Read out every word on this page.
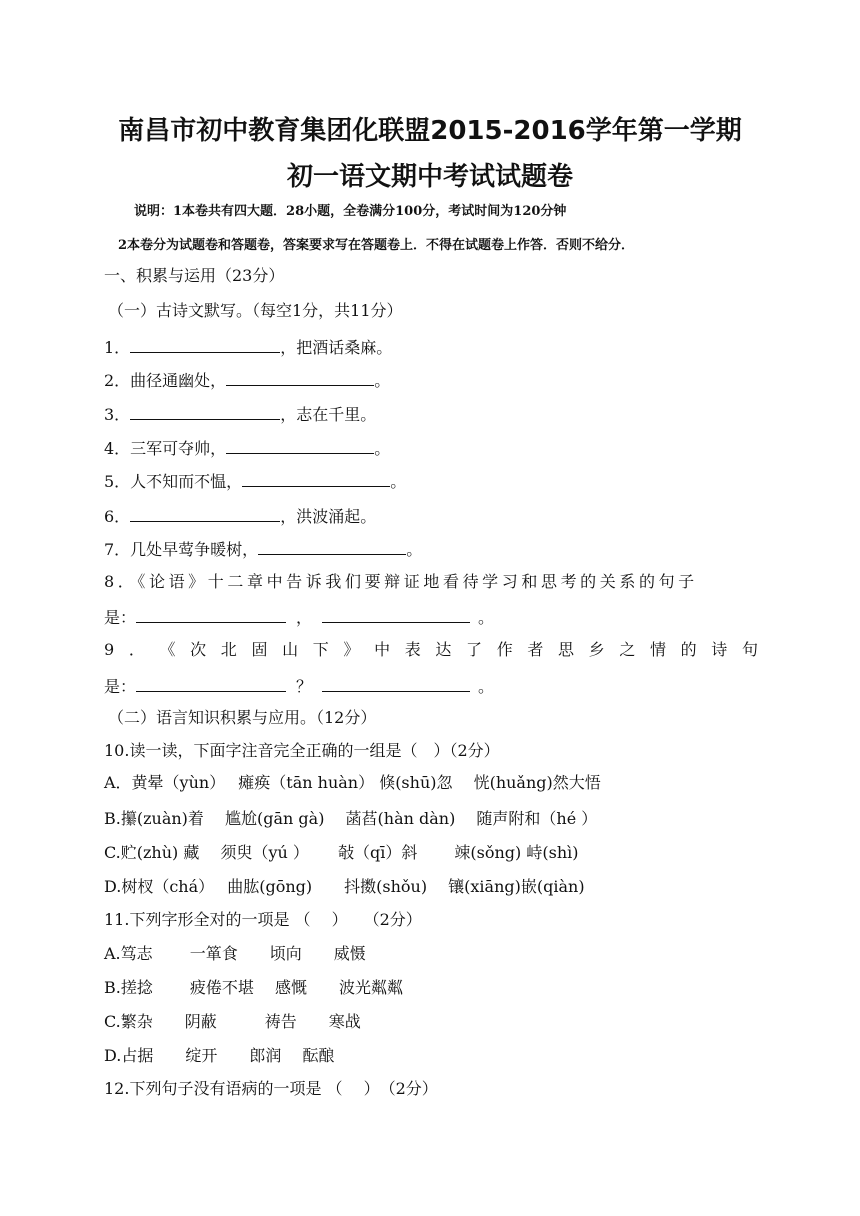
南昌市初中教育集团化联盟2015-2016学年第一学期
初一语文期中考试试题卷
说明：1本卷共有四大题．28小题，全卷满分100分，考试时间为120分钟
2本卷分为试题卷和答题卷，答案要求写在答题卷上．不得在试题卷上作答．否则不给分．
一、积累与运用（23分）
（一）古诗文默写。（每空1分，共11分）
1．	，把酒话桑麻。
2．曲径通幽处，	。
3．	，志在千里。
4．三军可夺帅，	。
5．人不知而不愠，	。
6．	，洪波涌起。
7．几处早莺争暖树，	。
8．《论语》十二章中告诉我们要辩证地看待学习和思考的关系的句子
是：	，	。
9 ． 《 次 北 固 山 下 》 中 表 达 了 作 者 思 乡 之 情 的 诗 句
是：	？	。
（二）语言知识积累与应用。（12分）
10.读一读，下面字注音完全正确的一组是（　）（2分）
A．黄晕（yùn）　 瘫痪（tān huàn） 倏(shū)忽　 恍(huǎng)然大悟
B.攥(zuàn)着　 尴尬(gān gà)　 菡萏(hàn dàn)　 随声附和（hé ）
C.贮(zhù) 藏　 须臾（yú ）　 　敧（qī）斜　　 竦(sǒng) 峙(shì)
D.树杈（chá）　 曲肱(gōng)　　抖擞(shǒu)　 镶(xiāng)嵌(qiàn)
11.下列字形全对的一项是 （　 ）　　（2分）
A.笃志　　 一箪食　　顷向　　威慑
B.搓捻　　 疲倦不堪　 感慨　　波光粼粼
C.繁杂　　阴蔽　　　祷告　　寒战
D.占据　　绽开　　郎润　 酝酿
12.下列句子没有语病的一项是 （　 ）　（2分）
